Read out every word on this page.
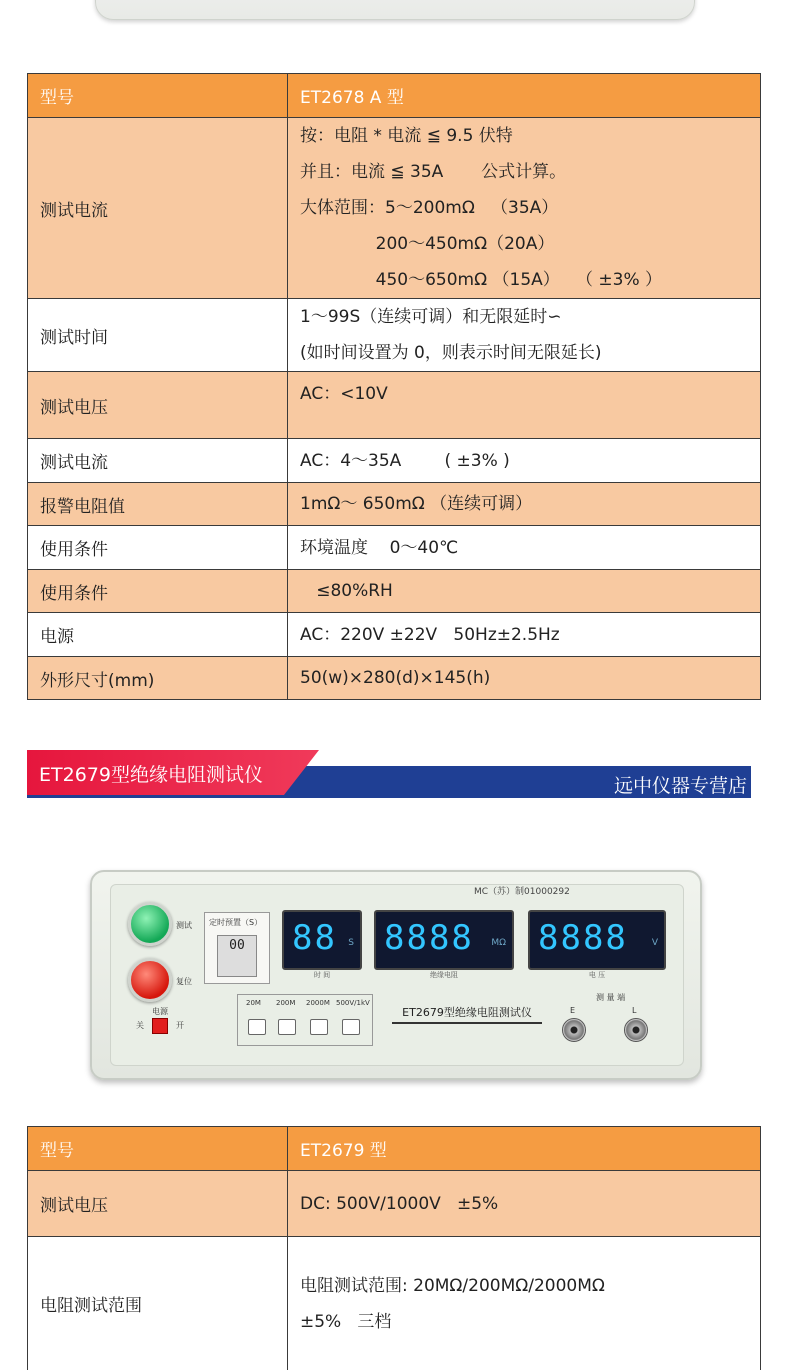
型号	ET2678 A 型
测试电流	按：电阻 * 电流 ≦ 9.5 伏特
并且：电流 ≦ 35A       公式计算。
大体范围：5～200mΩ   （35A）
200～450mΩ（20A）
450～650mΩ （15A）   （ ±3% ）

测试时间	1～99S（连续可调）和无限延时∽
(如时间设置为 0，则表示时间无限延长)

测试电压	AC：<10V

测试电流	AC：4～35A        ( ±3% )

报警电阻值	1mΩ～ 650mΩ （连续可调）

使用条件	环境温度    0～40℃

使用条件	≤80%RH

电源	AC：220V ±22V   50Hz±2.5Hz

外形尺寸(mm)	50(w)×280(d)×145(h)
ET2679型绝缘电阻测试仪	远中仪器专营店
MC（苏）制01000292
测试
复位
定时预置（S）
00	88 S
时 间
8888 MΩ
绝缘电阻
8888	V
电 压
20M 200M 2000M 500V/1kV
电源
关	开
ET2679型绝缘电阻测试仪
测 量 端
E	L
型号	ET2679 型
测试电压	DC: 500V/1000V   ±5%

电阻测试范围	电阻测试范围: 20MΩ/200MΩ/2000MΩ
±5%   三档
